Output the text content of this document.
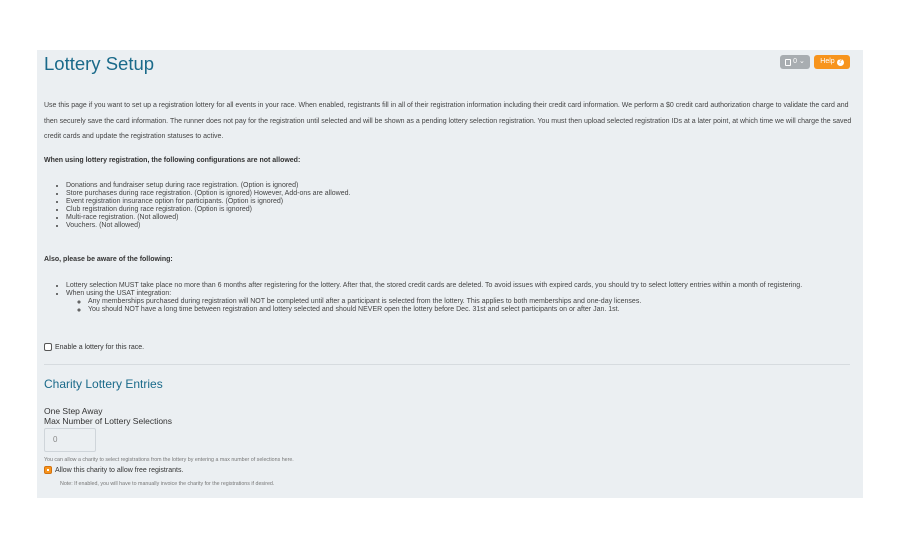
Lottery Setup	0 ⌄ Help ?

Use this page if you want to set up a registration lottery for all events in your race. When enabled, registrants fill in all of their registration information including their credit card information. We perform a $0 credit card authorization charge to validate the card and then securely save the card information. The runner does not pay for the registration until selected and will be shown as a pending lottery selection registration. You must then upload selected registration IDs at a later point, at which time we will charge the saved credit cards and update the registration statuses to active.

When using lottery registration, the following configurations are not allowed:

• Donations and fundraiser setup during race registration. (Option is ignored)
• Store purchases during race registration. (Option is ignored) However, Add-ons are allowed.
• Event registration insurance option for participants. (Option is ignored)
• Club registration during race registration. (Option is ignored)
• Multi-race registration. (Not allowed)
• Vouchers. (Not allowed)

Also, please be aware of the following:

• Lottery selection MUST take place no more than 6 months after registering for the lottery. After that, the stored credit cards are deleted. To avoid issues with expired cards, you should try to select lottery entries within a month of registering.
• When using the USAT integration:
◦ Any memberships purchased during registration will NOT be completed until after a participant is selected from the lottery. This applies to both memberships and one-day licenses.
◦ You should NOT have a long time between registration and lottery selected and should NEVER open the lottery before Dec. 31st and select participants on or after Jan. 1st.
Enable a lottery for this race.
Charity Lottery Entries
One Step Away
Max Number of Lottery Selections
0
You can allow a charity to select registrations from the lottery by entering a max number of selections here.
Allow this charity to allow free registrants.
Note: If enabled, you will have to manually invoice the charity for the registrations if desired.
